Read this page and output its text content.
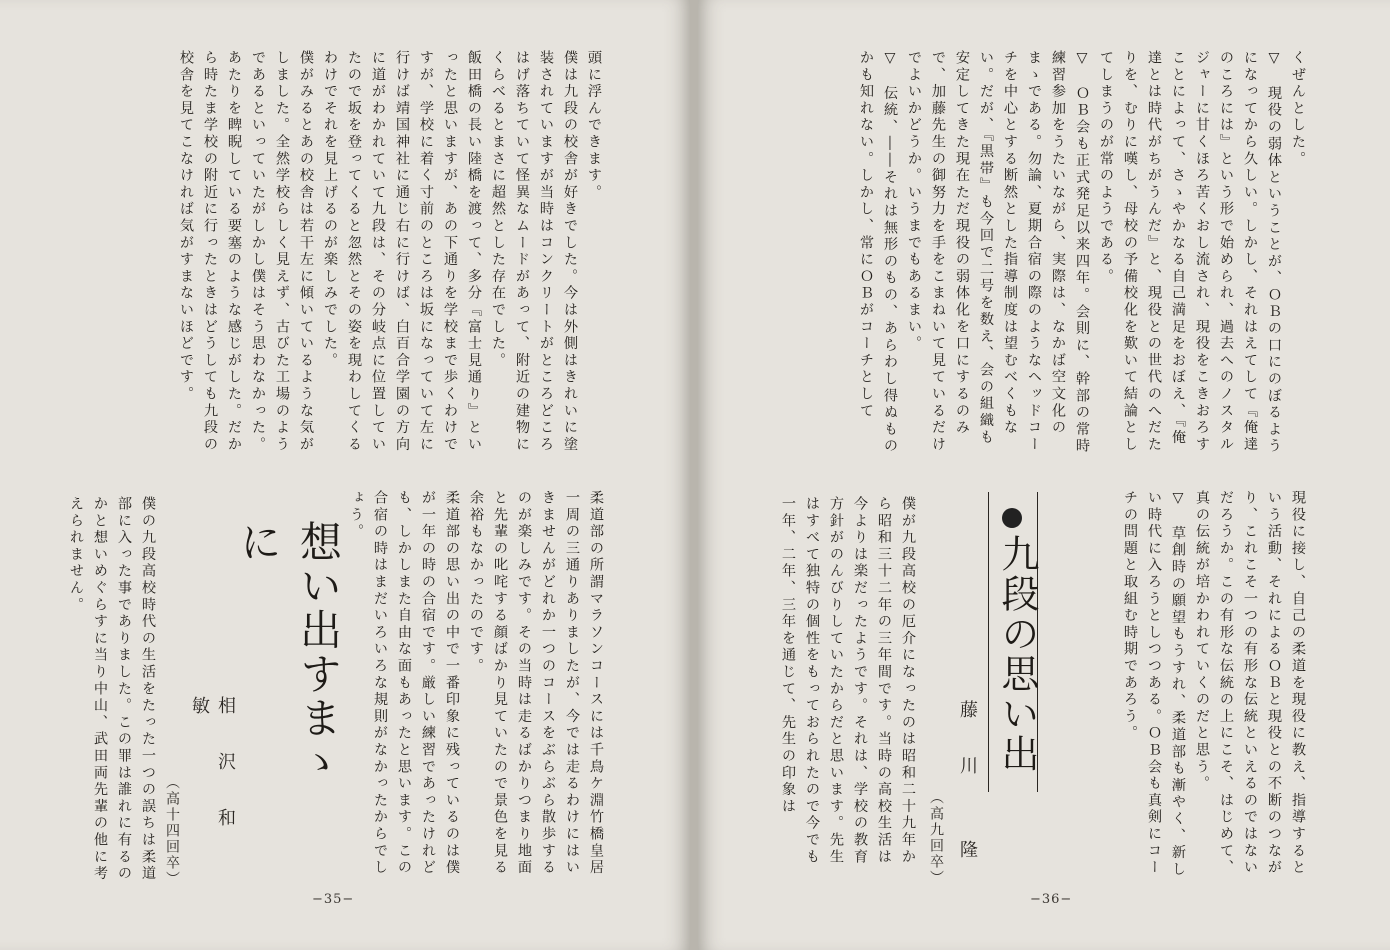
くぜんとした。

▽　現役の弱体ということが、ＯＢの口にのぼるようになってから久しい。しかし、それはえてして『俺達のころには』という形で始められ、過去へのノスタルジャーに甘くほろ苦くおし流され、現役をこきおろすことによって、さゝやかなる自己満足をおぼえ、『俺達とは時代がちがうんだ』と、現役との世代のへだたりを、むりに嘆し、母校の予備校化を歎いて結論としてしまうのが常のようである。

▽　ＯＢ会も正式発足以来四年。会則に、幹部の常時練習参加をうたいながら、実際は、なかば空文化のまゝである。勿論、夏期合宿の際のようなヘッドコーチを中心とする断然とした指導制度は望むべくもない。だが、『黒帯』も今回で二号を数え、会の組織も安定してきた現在ただ現役の弱体化を口にするのみで、加藤先生の御努力を手をこまねいて見ているだけでよいかどうか。いうまでもあるまい。

▽　伝統、――それは無形のもの、あらわし得ぬものかも知れない。しかし、常にＯＢがコーチとして

現役に接し、自己の柔道を現役に教え、指導するという活動、それによるＯＢと現役との不断のつながり、これこそ一つの有形な伝統といえるのではないだろうか。この有形な伝統の上にこそ、はじめて、真の伝統が培かわれていくのだと思う。

▽　草創時の願望もうすれ、柔道部も漸やく、新しい時代に入ろうとしつつある。ＯＢ会も真剣にコーチの問題と取組む時期であろう。

九段の思い出
藤　川　　隆
（高九回卒）

僕が九段高校の厄介になったのは昭和二十九年から昭和三十二年の三年間です。当時の高校生活は今よりは楽だったようです。それは、学校の教育方針がのんびりしていたからだと思います。先生はすべて独特の個性をもっておられたので今でも一年、二年、三年を通じて、先生の印象は

−36−

頭に浮んできます。

僕は九段の校舎が好きでした。今は外側はきれいに塗装されていますが当時はコンクリートがところどころはげ落ちていて怪異なムードがあって、附近の建物にくらべるとまさに超然とした存在でした。

飯田橋の長い陸橋を渡って、多分『富士見通り』といったと思いますが、あの下通りを学校まで歩くわけですが、学校に着く寸前のところは坂になっていて左に行けば靖国神社に通じ右に行けば、白百合学園の方向に道がわかれていて九段は、その分岐点に位置していたので坂を登ってくると忽然とその姿を現わしてくるわけでそれを見上げるのが楽しみでした。

僕がみるとあの校舎は若干左に傾いているような気がしました。全然学校らしく見えず、古びた工場のようであるといっていたがしかし僕はそう思わなかった。あたりを睥睨している要塞のような感じがした。だから時たま学校の附近に行ったときはどうしても九段の校舎を見てこなければ気がすまないほどです。

柔道部の所謂マラソンコースには千鳥ケ淵竹橋皇居一周の三通りありましたが、今では走るわけにはいきませんがどれか一つのコースをぶらぶら散歩するのが楽しみです。その当時は走るばかりつまり地面と先輩の叱咤する顔ばかり見ていたので景色を見る余裕もなかったのです。

柔道部の思い出の中で一番印象に残っているのは僕が一年の時の合宿です。厳しい練習であったけれども、しかしまた自由な面もあったと思います。この合宿の時はまだいろいろな規則がなかったからでしょう。

想い出すまゝに
相　沢　和　敏
（高十四回卒）

僕の九段高校時代の生活をたった一つの誤ちは柔道部に入った事でありました。この罪は誰れに有るのかと想いめぐらすに当り中山、武田両先輩の他に考えられません。

−35−
